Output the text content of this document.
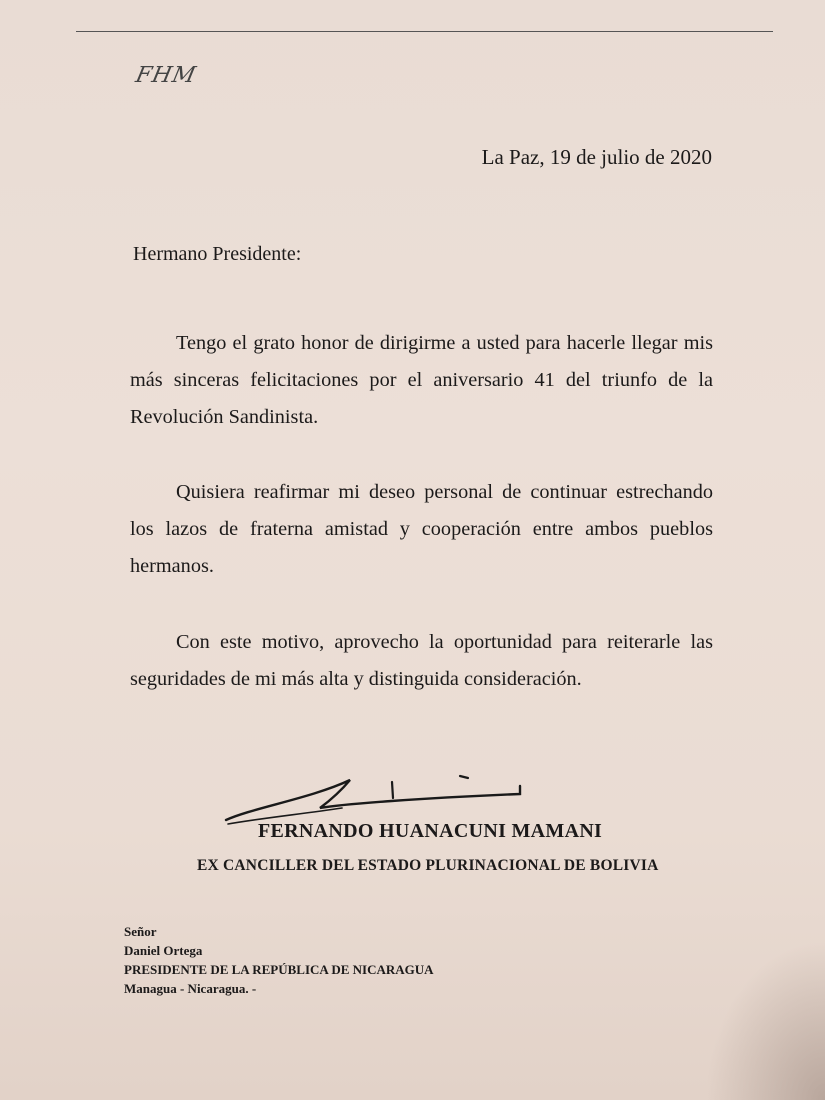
FHM
La Paz, 19 de julio de 2020
Hermano Presidente:

Tengo el grato honor de dirigirme a usted para hacerle llegar mis más sinceras felicitaciones por el aniversario 41 del triunfo de la Revolución Sandinista.

Quisiera reafirmar mi deseo personal de continuar estrechando los lazos de fraterna amistad y cooperación entre ambos pueblos hermanos.

Con este motivo, aprovecho la oportunidad para reiterarle las seguridades de mi más alta y distinguida consideración.

FERNANDO HUANACUNI MAMANI
EX CANCILLER DEL ESTADO PLURINACIONAL DE BOLIVIA
Señor
Daniel Ortega
PRESIDENTE DE LA REPÚBLICA DE NICARAGUA
Managua - Nicaragua. -
